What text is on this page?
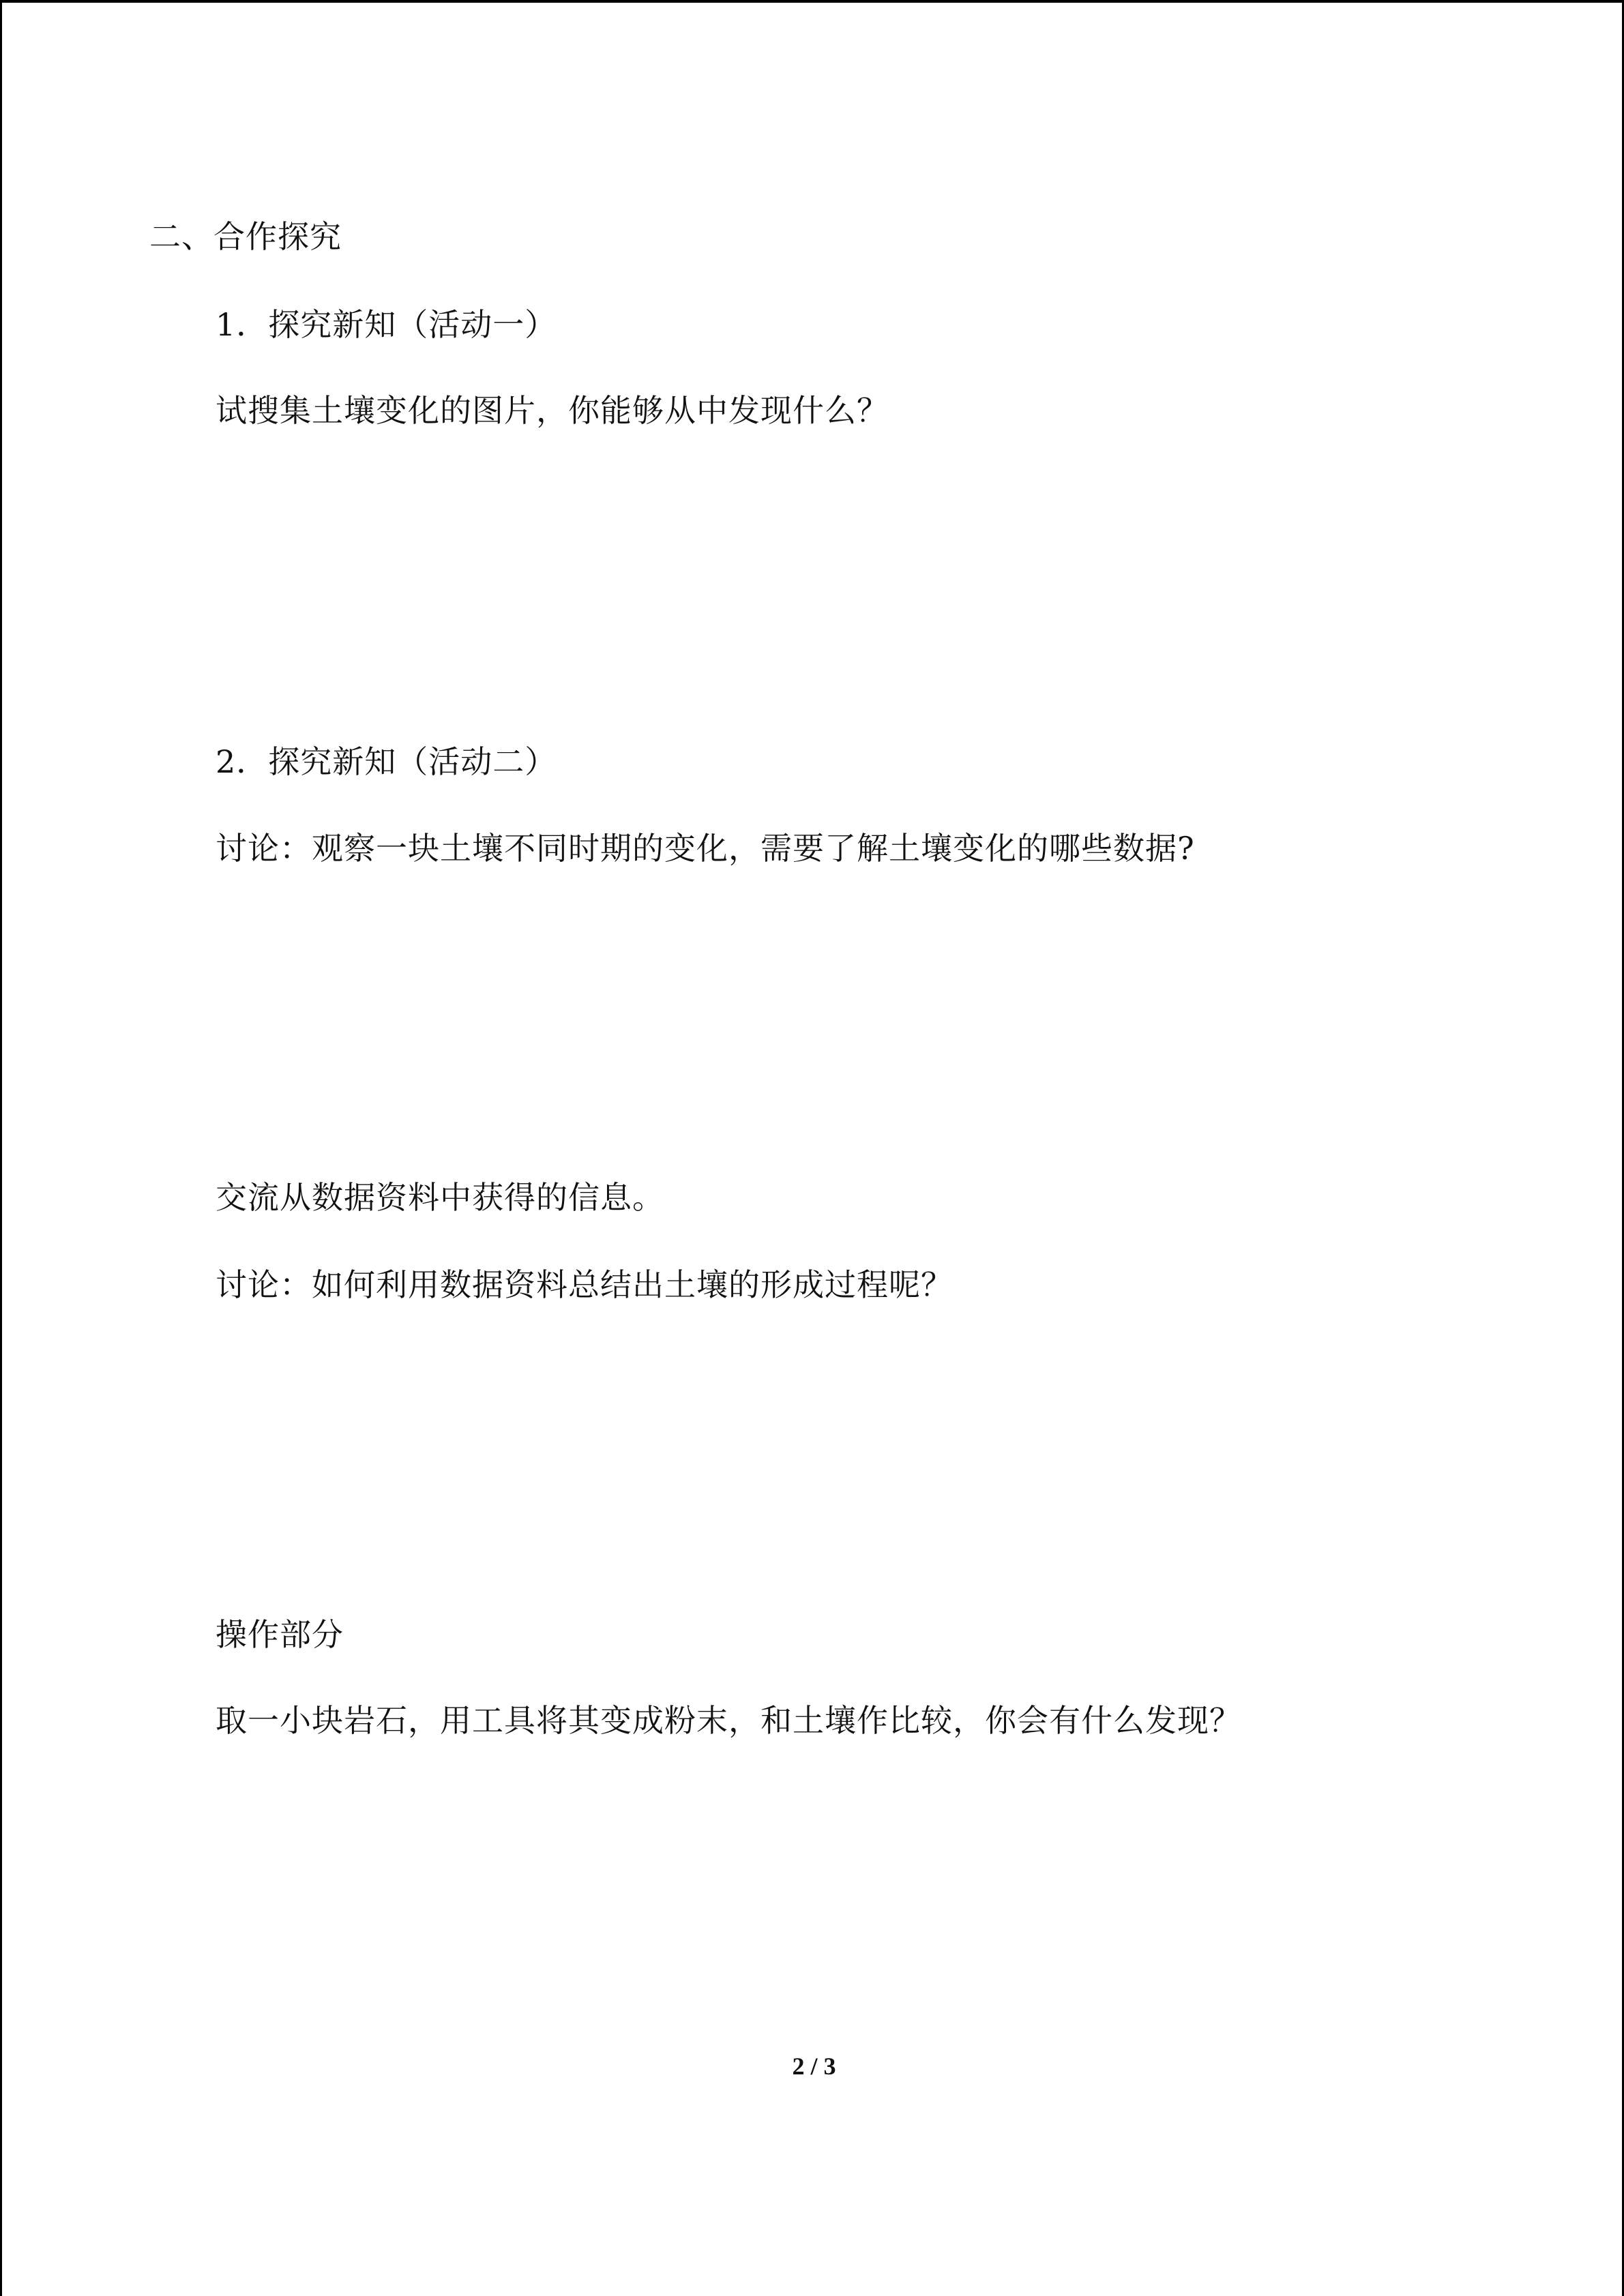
二、合作探究
1．探究新知（活动一）
试搜集土壤变化的图片，你能够从中发现什么？
2．探究新知（活动二）
讨论：观察一块土壤不同时期的变化，需要了解土壤变化的哪些数据?
交流从数据资料中获得的信息。
讨论：如何利用数据资料总结出土壤的形成过程呢？
操作部分
取一小块岩石，用工具将其变成粉末，和土壤作比较，你会有什么发现？
2 / 3
